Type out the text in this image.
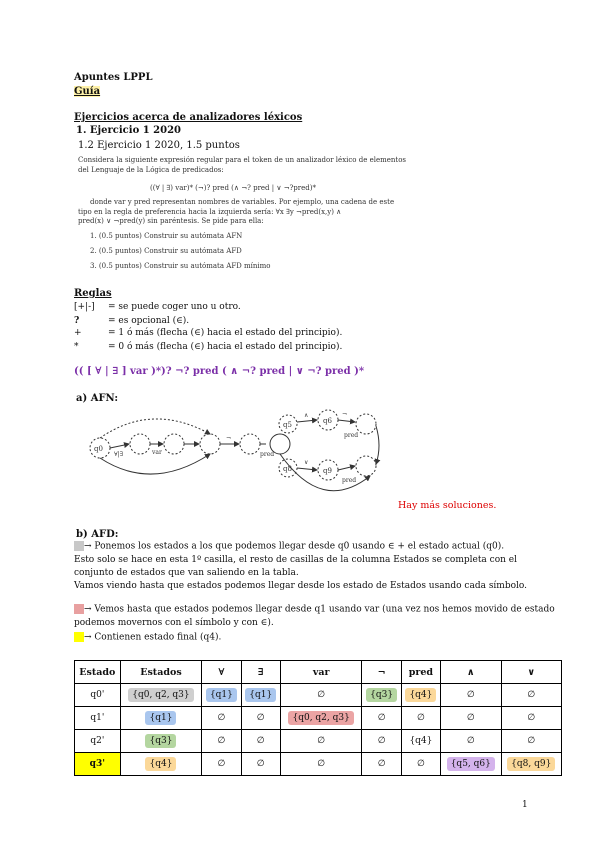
Apuntes LPPL
Guía
Ejercicios acerca de analizadores léxicos
1. Ejercicio 1 2020
1.2 Ejercicio 1 2020, 1.5 puntos
Considera la siguiente expresión regular para el token de un analizador léxico de elementos
del Lenguaje de la Lógica de predicados:
((∀ | ∃) var)* (¬)? pred (∧ ¬? pred | ∨ ¬?pred)*
donde var y pred representan nombres de variables. Por ejemplo, una cadena de este
tipo en la regla de preferencia hacia la izquierda sería: ∀x ∃y ¬pred(x,y) ∧
pred(x) ∨ ¬pred(y) sin paréntesis. Se pide para ella:
1. (0.5 puntos) Construir su autómata AFN
2. (0.5 puntos) Construir su autómata AFD
3. (0.5 puntos) Construir su autómata AFD mínimo
Reglas
[+|-] = se puede coger uno u otro.
?	= es opcional (∈).
+	= 1 ó más (flecha (∈) hacia el estado del principio).
*	= 0 ó más (flecha (∈) hacia el estado del principio).
(( [ ∀ | ∃ ] var )*)? ¬? pred ( ∧ ¬? pred | ∨ ¬? pred )*
a) AFN:
q0
∀|∃	var
¬
pred
q5	q6
q8	q9
∧	¬
pred
∨
pred
Hay más soluciones.
b) AFD:
→ Ponemos los estados a los que podemos llegar desde q0 usando ∈ + el estado actual (q0).
Esto solo se hace en esta 1º casilla, el resto de casillas de la columna Estados se completa con el
conjunto de estados que van saliendo en la tabla.
Vamos viendo hasta que estados podemos llegar desde los estado de Estados usando cada símbolo.
→ Vemos hasta que estados podemos llegar desde q1 usando var (una vez nos hemos movido de estado
podemos movernos con el símbolo y con ∈).
→ Contienen estado final (q4).
Estado	Estados	∀	∃	var	¬	pred	∧	∨
q0'	{q0, q2, q3}	{q1}	{q1}	∅	{q3}	{q4}	∅	∅
q1'	{q1}	∅	∅	{q0, q2, q3}	∅	∅	∅	∅
q2'	{q3}	∅	∅	∅	∅	{q4}	∅	∅
q3'	{q4}	∅	∅	∅	∅	∅	{q5, q6}	{q8, q9}
1
